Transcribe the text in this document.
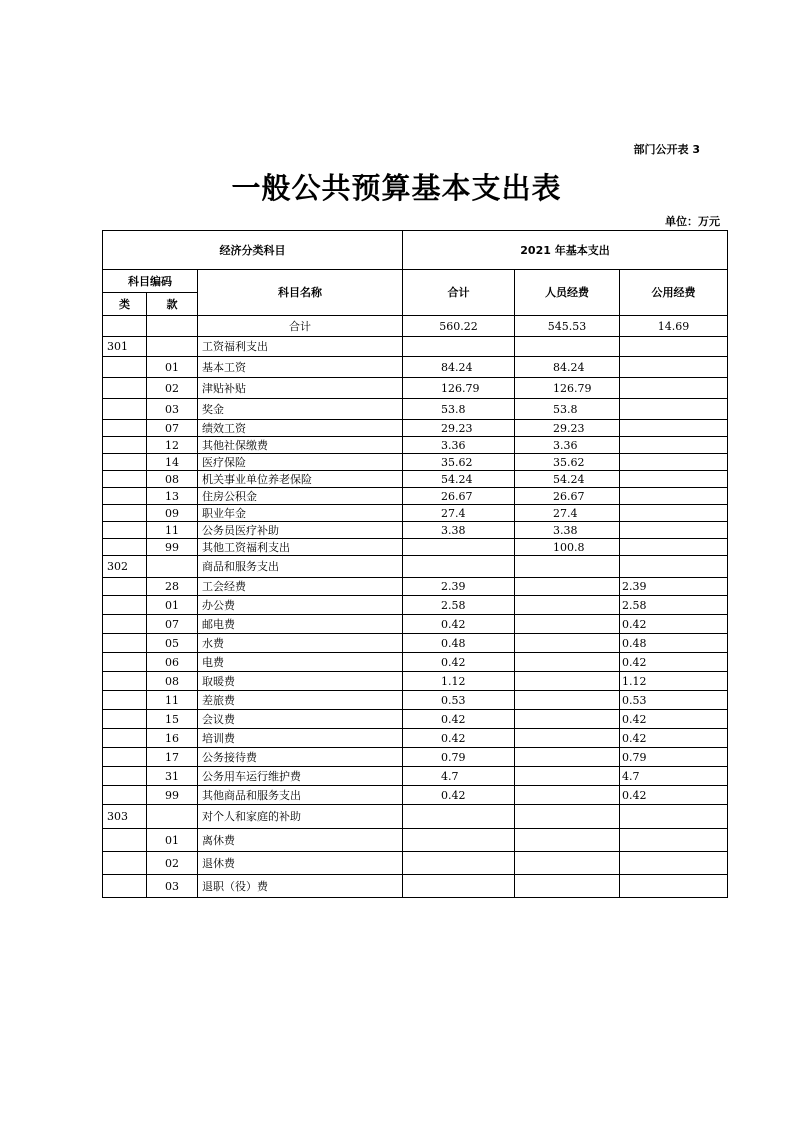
部门公开表 3
一般公共预算基本支出表
单位：万元
经济分类科目			2021 年基本支出		
科目编码		科目名称	合计	人员经费	公用经费
类	款				
		合计	560.22	545.53	14.69
301		工资福利支出			
	01	基本工资	84.24	84.24	
	02	津贴补贴	126.79	126.79	
	03	奖金	53.8	53.8	
	07	绩效工资	29.23	29.23	
	12	其他社保缴费	3.36	3.36	
	14	医疗保险	35.62	35.62	
	08	机关事业单位养老保险	54.24	54.24	
	13	住房公积金	26.67	26.67	
	09	职业年金	27.4	27.4	
	11	公务员医疗补助	3.38	3.38	
	99	其他工资福利支出		100.8	
302		商品和服务支出			
	28	工会经费	2.39		2.39
	01	办公费	2.58		2.58
	07	邮电费	0.42		0.42
	05	水费	0.48		0.48
	06	电费	0.42		0.42
	08	取暖费	1.12		1.12
	11	差旅费	0.53		0.53
	15	会议费	0.42		0.42
	16	培训费	0.42		0.42
	17	公务接待费	0.79		0.79
	31	公务用车运行维护费	4.7		4.7
	99	其他商品和服务支出	0.42		0.42
303		对个人和家庭的补助			
	01	离休费			
	02	退休费			
	03	退职（役）费			
